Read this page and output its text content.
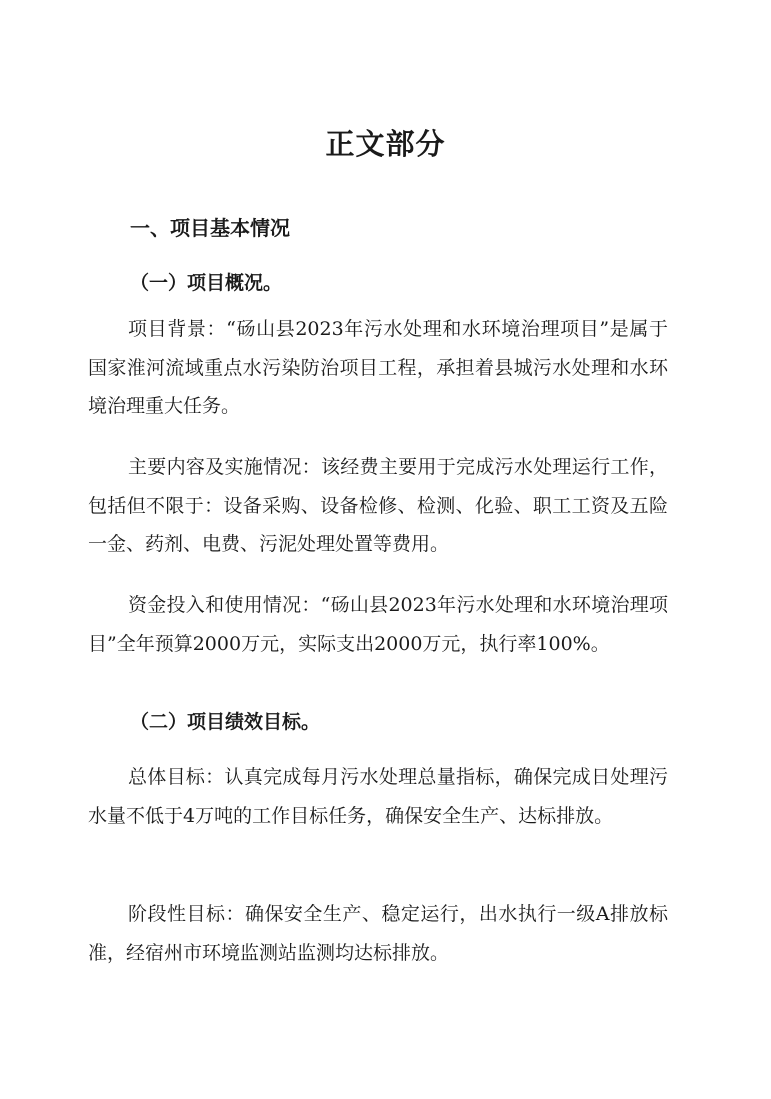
正文部分
一、项目基本情况
（一）项目概况。

项目背景：“砀山县2023年污水处理和水环境治理项目”是属于国家淮河流域重点水污染防治项目工程，承担着县城污水处理和水环境治理重大任务。

主要内容及实施情况：该经费主要用于完成污水处理运行工作，包括但不限于：设备采购、设备检修、检测、化验、职工工资及五险一金、药剂、电费、污泥处理处置等费用。

资金投入和使用情况：“砀山县2023年污水处理和水环境治理项目”全年预算2000万元，实际支出2000万元，执行率100%。

（二）项目绩效目标。

总体目标：认真完成每月污水处理总量指标，确保完成日处理污水量不低于4万吨的工作目标任务，确保安全生产、达标排放。

阶段性目标：确保安全生产、稳定运行，出水执行一级A排放标准，经宿州市环境监测站监测均达标排放。
